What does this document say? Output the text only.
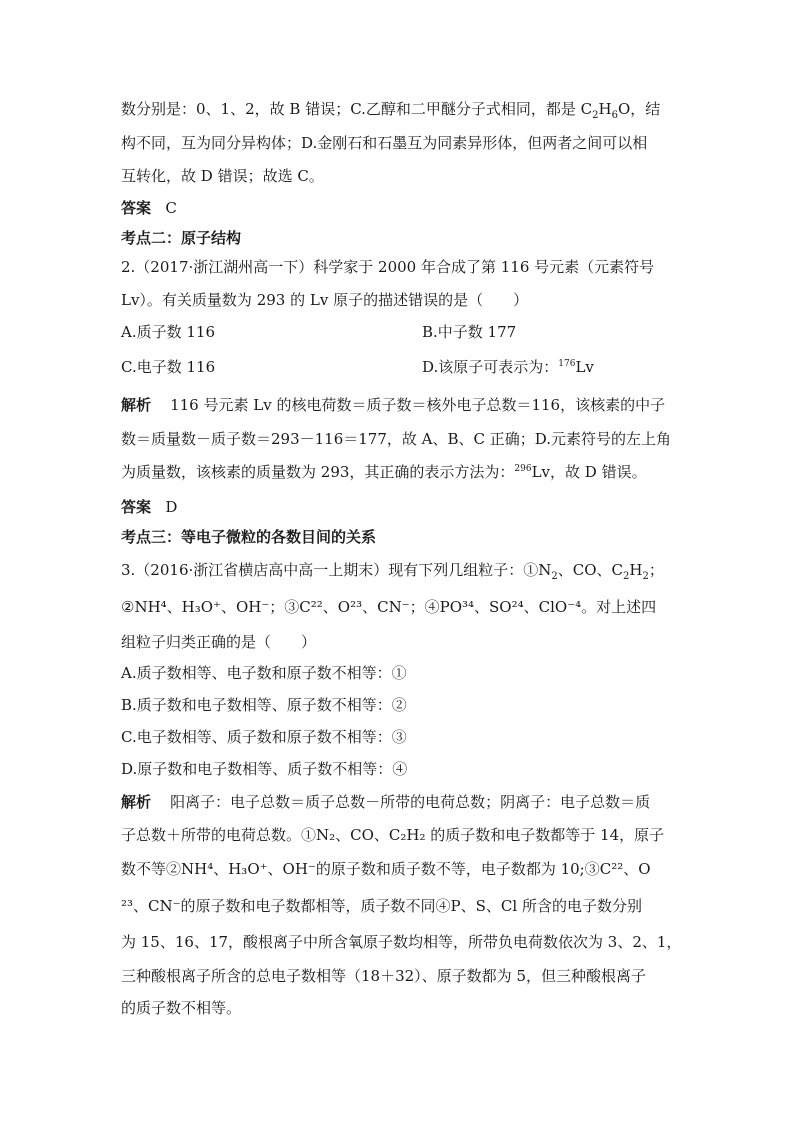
数分别是：0、1、2，故 B 错误；C.乙醇和二甲醚分子式相同，都是 $C_2H_6O$，结
构不同，互为同分异构体；D.金刚石和石墨互为同素异形体，但两者之间可以相
互转化，故 D 错误；故选 C。
答案 C
考点二：原子结构
2.（2017·浙江湖州高一下）科学家于 2000 年合成了第 116 号元素（元素符号
Lv）。有关质量数为 293 的 Lv 原子的描述错误的是（　　）
A.质子数 116	B.中子数 177
C.电子数 116	D.该原子可表示为：$^{176}$Lv
解析 116 号元素 Lv 的核电荷数＝质子数＝核外电子总数＝116，该核素的中子
数＝质量数－质子数＝293－116＝177，故 A、B、C 正确；D.元素符号的左上角
为质量数，该核素的质量数为 293，其正确的表示方法为：$^{296}$Lv，故 D 错误。
答案 D
考点三：等电子微粒的各数目间的关系
3.（2016·浙江省横店高中高一上期末）现有下列几组粒子：$①N_2$、CO、$C_2H_2$；
②NH⁴、H₃O⁺、OH⁻；③C²²、O²³、CN⁻；④PO³⁴、SO²⁴、ClO⁻⁴。对上述四
组粒子归类正确的是（　　）
A.质子数相等、电子数和原子数不相等：①
B.质子数和电子数相等、原子数不相等：②
C.电子数相等、质子数和原子数不相等：③
D.原子数和电子数相等、质子数不相等：④
解析 阳离子：电子总数＝质子总数－所带的电荷总数；阴离子：电子总数＝质
子总数＋所带的电荷总数。①N₂、CO、C₂H₂ 的质子数和电子数都等于 14，原子
数不等②NH⁴、H₃O⁺、OH⁻的原子数和质子数不等，电子数都为 10;③C²²、O
²³、CN⁻的原子数和电子数都相等，质子数不同④P、S、Cl 所含的电子数分别
为 15、16、17，酸根离子中所含氧原子数均相等，所带负电荷数依次为 3、2、1，
三种酸根离子所含的总电子数相等（18＋32）、原子数都为 5，但三种酸根离子
的质子数不相等。
